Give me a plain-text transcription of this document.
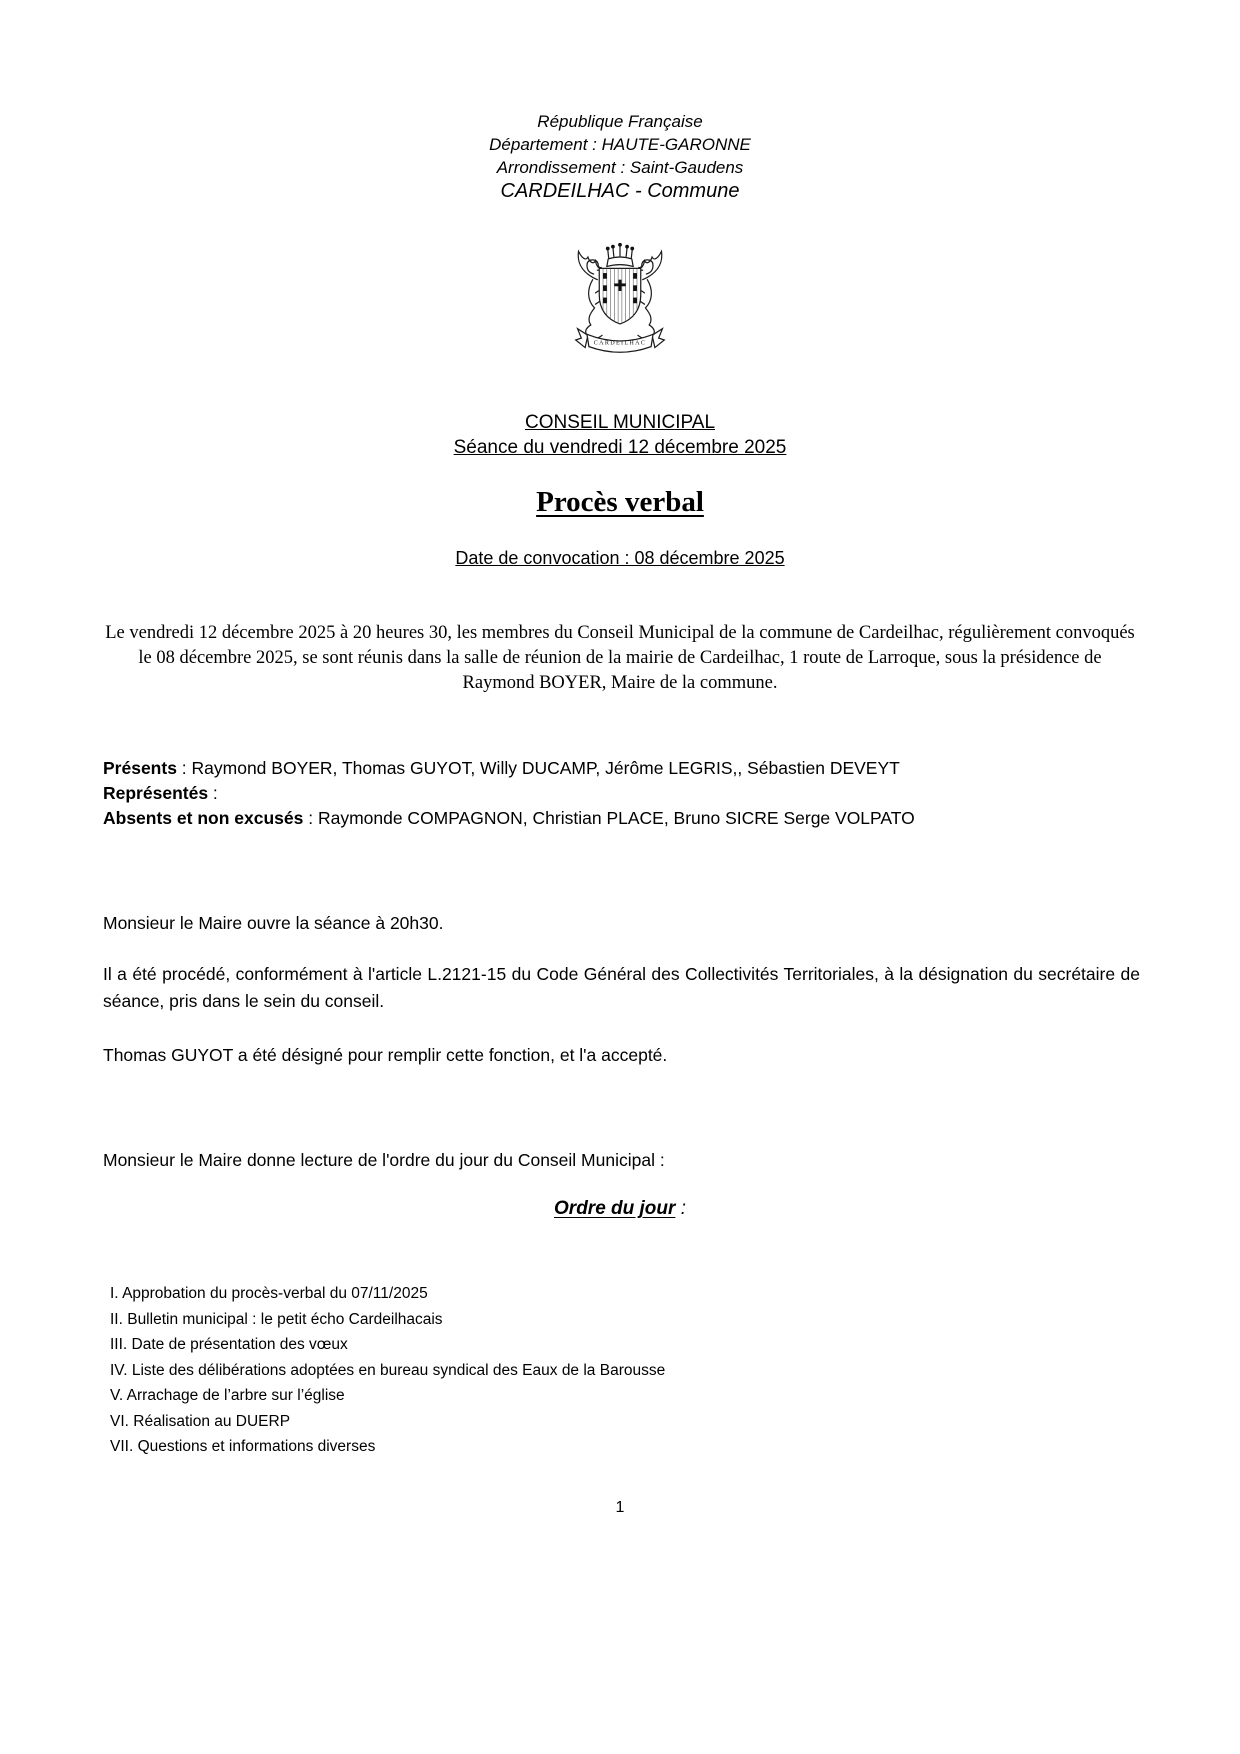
République Française
Département : HAUTE-GARONNE
Arrondissement : Saint-Gaudens
CARDEILHAC - Commune
CARDEILHAC
CONSEIL MUNICIPAL
Séance du vendredi 12 décembre 2025
Procès verbal
Date de convocation : 08 décembre 2025
Le vendredi 12 décembre 2025 à 20 heures 30, les membres du Conseil Municipal de la commune de Cardeilhac, régulièrement convoqués le 08 décembre 2025, se sont réunis dans la salle de réunion de la mairie de Cardeilhac, 1 route de Larroque, sous la présidence de Raymond BOYER, Maire de la commune.

Présents : Raymond BOYER, Thomas GUYOT, Willy DUCAMP, Jérôme LEGRIS,, Sébastien DEVEYT

Représentés :

Absents et non excusés : Raymonde COMPAGNON, Christian PLACE, Bruno SICRE Serge VOLPATO

Monsieur le Maire ouvre la séance à 20h30.
Il a été procédé, conformément à l'article L.2121-15 du Code Général des Collectivités Territoriales, à la désignation du secrétaire de séance, pris dans le sein du conseil.
Thomas GUYOT a été désigné pour remplir cette fonction, et l'a accepté.
Monsieur le Maire donne lecture de l'ordre du jour du Conseil Municipal :
Ordre du jour :
I. Approbation du procès-verbal du 07/11/2025
II. Bulletin municipal : le petit écho Cardeilhacais
III. Date de présentation des vœux
IV. Liste des délibérations adoptées en bureau syndical des Eaux de la Barousse
V. Arrachage de l’arbre sur l’église
VI. Réalisation au DUERP
VII. Questions et informations diverses
1
